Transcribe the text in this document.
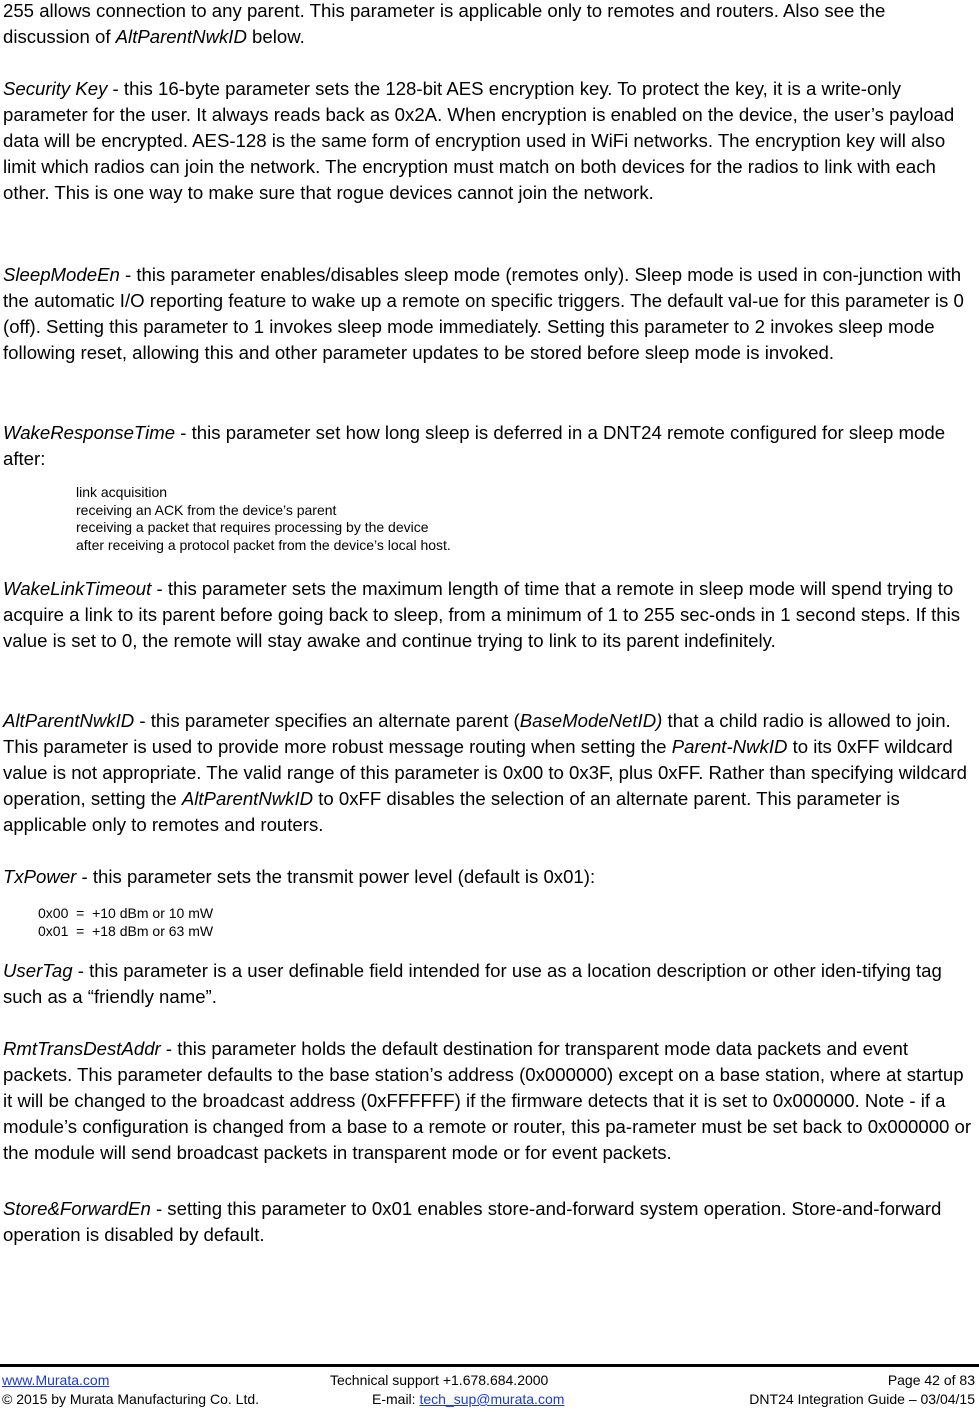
255 allows connection to any parent. This parameter is applicable only to remotes and routers. Also see the discussion of AltParentNwkID below.

Security Key - this 16-byte parameter sets the 128-bit AES encryption key. To protect the key, it is a write-only parameter for the user. It always reads back as 0x2A. When encryption is enabled on the device, the user’s payload data will be encrypted. AES-128 is the same form of encryption used in WiFi networks. The encryption key will also limit which radios can join the network. The encryption must match on both devices for the radios to link with each other. This is one way to make sure that rogue devices cannot join the network.

SleepModeEn - this parameter enables/disables sleep mode (remotes only). Sleep mode is used in con-junction with the automatic I/O reporting feature to wake up a remote on specific triggers. The default val-ue for this parameter is 0 (off). Setting this parameter to 1 invokes sleep mode immediately. Setting this parameter to 2 invokes sleep mode following reset, allowing this and other parameter updates to be stored before sleep mode is invoked.

WakeResponseTime - this parameter set how long sleep is deferred in a DNT24 remote configured for sleep mode after:

link acquisition
receiving an ACK from the device’s parent
receiving a packet that requires processing by the device
after receiving a protocol packet from the device’s local host.

WakeLinkTimeout - this parameter sets the maximum length of time that a remote in sleep mode will spend trying to acquire a link to its parent before going back to sleep, from a minimum of 1 to 255 sec-onds in 1 second steps. If this value is set to 0, the remote will stay awake and continue trying to link to its parent indefinitely.

AltParentNwkID - this parameter specifies an alternate parent (BaseModeNetID) that a child radio is allowed to join. This parameter is used to provide more robust message routing when setting the Parent-NwkID to its 0xFF wildcard value is not appropriate. The valid range of this parameter is 0x00 to 0x3F, plus 0xFF. Rather than specifying wildcard operation, setting the AltParentNwkID to 0xFF disables the selection of an alternate parent. This parameter is applicable only to remotes and routers.

TxPower - this parameter sets the transmit power level (default is 0x01):

0x00  =  +10 dBm or 10 mW
0x01  =  +18 dBm or 63 mW

UserTag - this parameter is a user definable field intended for use as a location description or other iden-tifying tag such as a “friendly name”.

RmtTransDestAddr - this parameter holds the default destination for transparent mode data packets and event packets. This parameter defaults to the base station’s address (0x000000) except on a base station, where at startup it will be changed to the broadcast address (0xFFFFFF) if the firmware detects that it is set to 0x000000. Note - if a module’s configuration is changed from a base to a remote or router, this pa-rameter must be set back to 0x000000 or the module will send broadcast packets in transparent mode or for event packets.

Store&ForwardEn - setting this parameter to 0x01 enables store-and-forward system operation. Store-and-forward operation is disabled by default.

www.Murata.com	Technical support +1.678.684.2000	Page 42 of 83
© 2015 by Murata Manufacturing Co. Ltd.	E-mail: tech_sup@murata.com	DNT24 Integration Guide – 03/04/15
